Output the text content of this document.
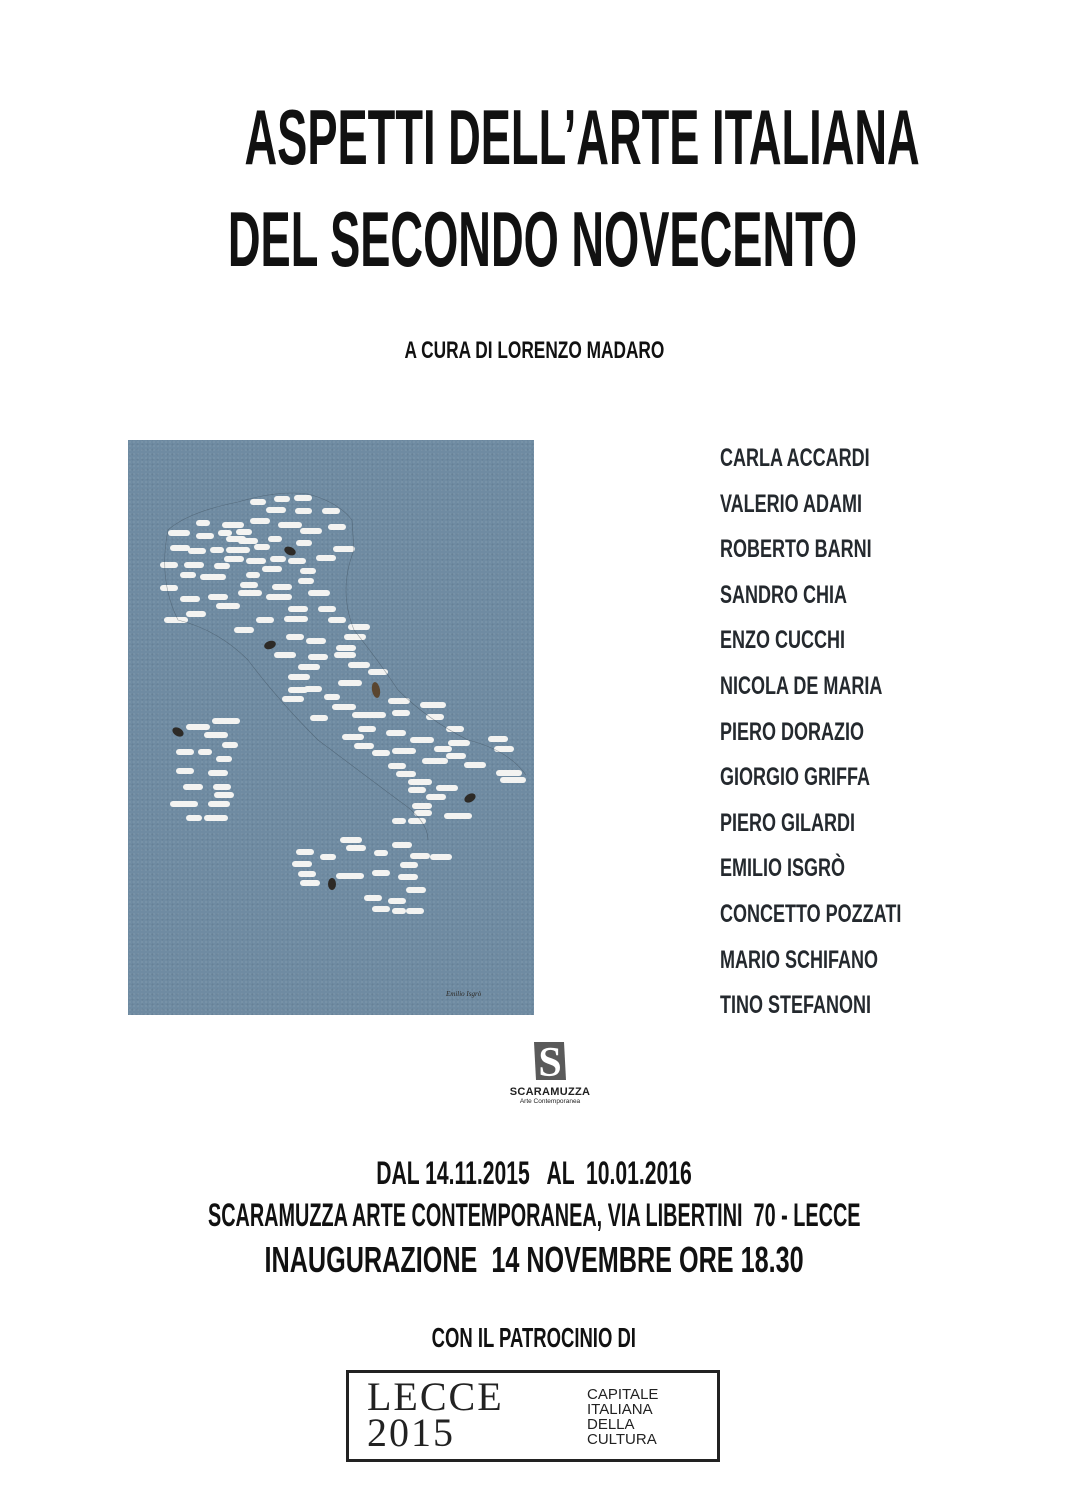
ASPETTI DELL’ARTE ITALIANA
DEL SECONDO NOVECENTO
A CURA DI LORENZO MADARO
Emilio Isgrò
CARLA ACCARDI
VALERIO ADAMI
ROBERTO BARNI
SANDRO CHIA
ENZO CUCCHI
NICOLA DE MARIA
PIERO DORAZIO
GIORGIO GRIFFA
PIERO GILARDI
EMILIO ISGRÒ
CONCETTO POZZATI
MARIO SCHIFANO
TINO STEFANONI
S
SCARAMUZZA
Arte Contemporanea
DAL 14.11.2015   AL  10.01.2016
SCARAMUZZA ARTE CONTEMPORANEA, VIA LIBERTINI  70 - LECCE
INAUGURAZIONE  14 NOVEMBRE ORE 18.30
CON IL PATROCINIO DI
LECCE
2015
CAPITALE
ITALIANA
DELLA
CULTURA
